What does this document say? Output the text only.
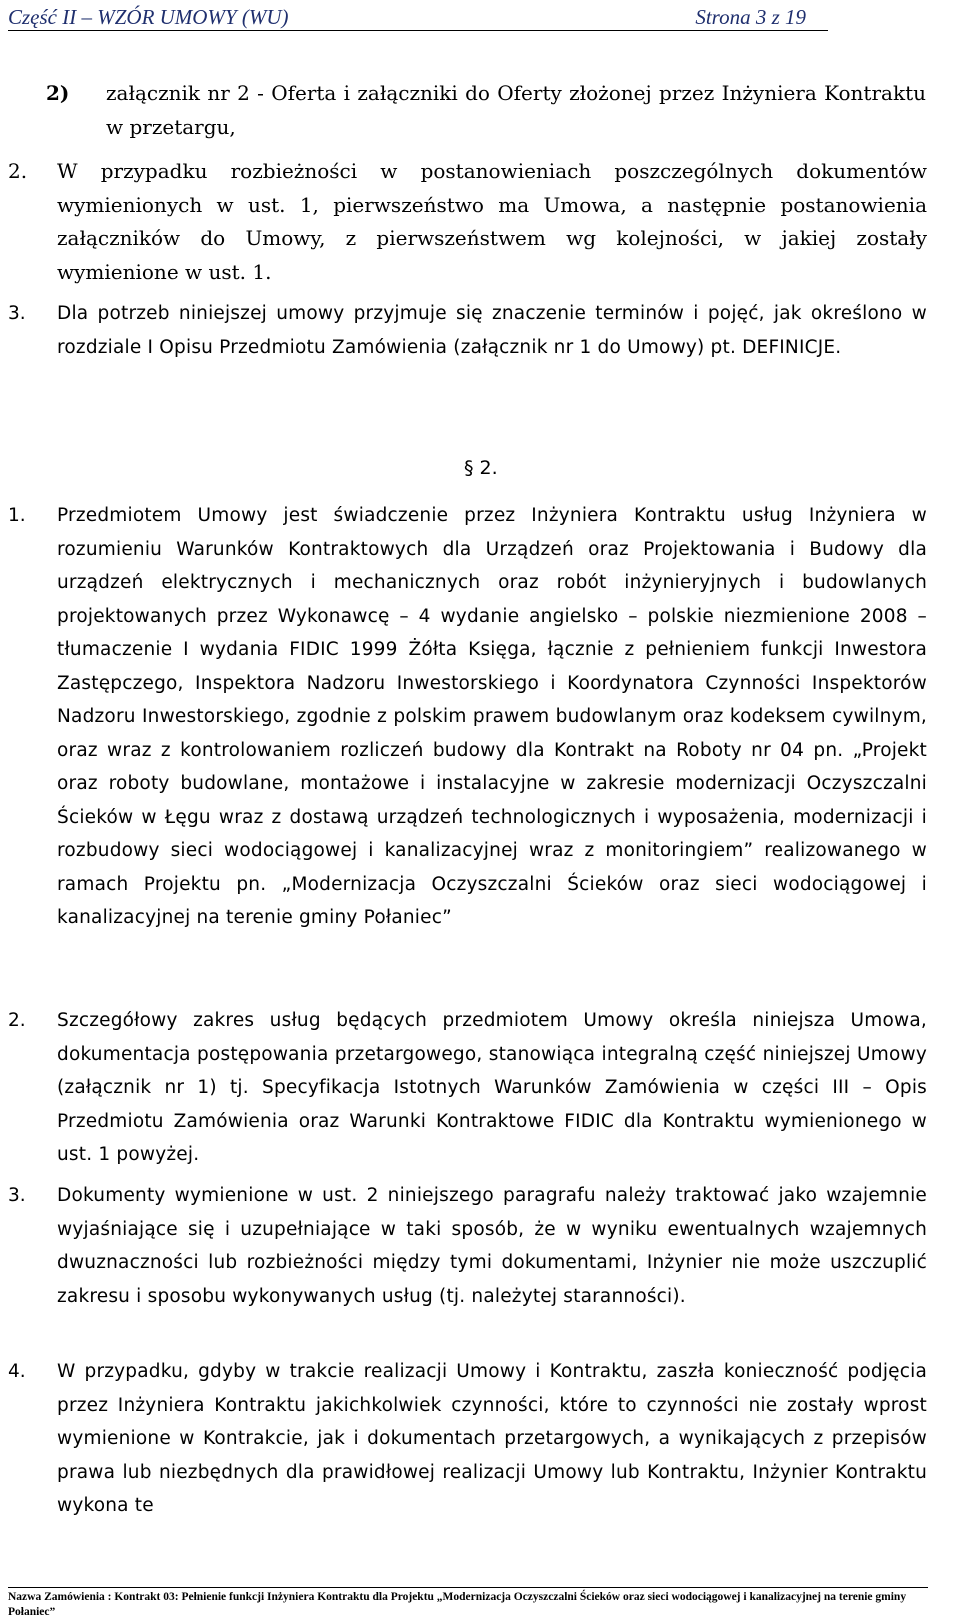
Część II – WZÓR UMOWY (WU)	Strona 3 z 19
2) załącznik nr 2 - Oferta i załączniki do Oferty złożonej przez Inżyniera Kontraktu w przetargu,
2. W przypadku rozbieżności w postanowieniach poszczególnych dokumentów wymienionych w ust. 1, pierwszeństwo ma Umowa, a następnie postanowienia załączników do Umowy, z pierwszeństwem wg kolejności, w jakiej zostały wymienione w ust. 1.
3. Dla potrzeb niniejszej umowy przyjmuje się znaczenie terminów i pojęć, jak określono w rozdziale I Opisu Przedmiotu Zamówienia (załącznik nr 1 do Umowy) pt. DEFINICJE.
§ 2.
1. Przedmiotem Umowy jest świadczenie przez Inżyniera Kontraktu usług Inżyniera w rozumieniu Warunków Kontraktowych dla Urządzeń oraz Projektowania i Budowy dla urządzeń elektrycznych i mechanicznych oraz robót inżynieryjnych i budowlanych projektowanych przez Wykonawcę – 4 wydanie angielsko – polskie niezmienione 2008 – tłumaczenie I wydania FIDIC 1999 Żółta Księga, łącznie z pełnieniem funkcji Inwestora Zastępczego, Inspektora Nadzoru Inwestorskiego i Koordynatora Czynności Inspektorów Nadzoru Inwestorskiego, zgodnie z polskim prawem budowlanym oraz kodeksem cywilnym, oraz wraz z kontrolowaniem rozliczeń budowy dla Kontrakt na Roboty nr 04 pn. „Projekt oraz roboty budowlane, montażowe i instalacyjne w zakresie modernizacji Oczyszczalni Ścieków w Łęgu wraz z dostawą urządzeń technologicznych i wyposażenia, modernizacji i rozbudowy sieci wodociągowej i kanalizacyjnej wraz z monitoringiem” realizowanego w ramach Projektu pn. „Modernizacja Oczyszczalni Ścieków oraz sieci wodociągowej i kanalizacyjnej na terenie gminy Połaniec”
2. Szczegółowy zakres usług będących przedmiotem Umowy określa niniejsza Umowa, dokumentacja postępowania przetargowego, stanowiąca integralną część niniejszej Umowy (załącznik nr 1) tj. Specyfikacja Istotnych Warunków Zamówienia w części III – Opis Przedmiotu Zamówienia oraz Warunki Kontraktowe FIDIC dla Kontraktu wymienionego w ust. 1 powyżej.
3. Dokumenty wymienione w ust. 2 niniejszego paragrafu należy traktować jako wzajemnie wyjaśniające się i uzupełniające w taki sposób, że w wyniku ewentualnych wzajemnych dwuznaczności lub rozbieżności między tymi dokumentami, Inżynier nie może uszczuplić zakresu i sposobu wykonywanych usług (tj. należytej staranności).
4. W przypadku, gdyby w trakcie realizacji Umowy i Kontraktu, zaszła konieczność podjęcia przez Inżyniera Kontraktu jakichkolwiek czynności, które to czynności nie zostały wprost wymienione w Kontrakcie, jak i dokumentach przetargowych, a wynikających z przepisów prawa lub niezbędnych dla prawidłowej realizacji Umowy lub Kontraktu, Inżynier Kontraktu wykona te
Nazwa Zamówienia : Kontrakt 03: Pełnienie funkcji Inżyniera Kontraktu dla Projektu „Modernizacja Oczyszczalni Ścieków oraz sieci wodociągowej i kanalizacyjnej na terenie gminy Połaniec”
